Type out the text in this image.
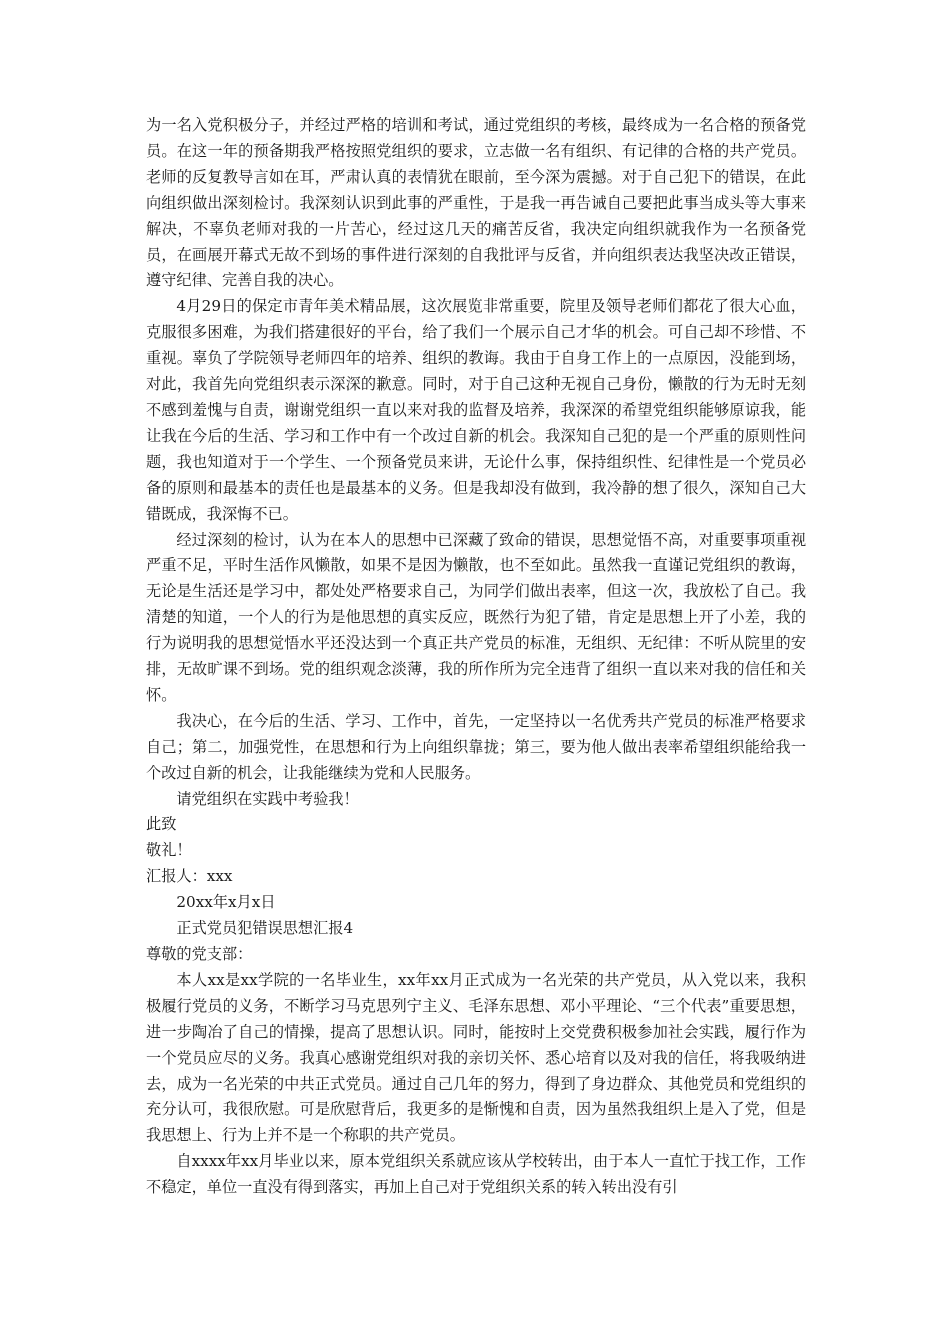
为一名入党积极分子，并经过严格的培训和考试，通过党组织的考核，最终成为一名合格的预备党员。在这一年的预备期我严格按照党组织的要求，立志做一名有组织、有记律的合格的共产党员。老师的反复教导言如在耳，严肃认真的表情犹在眼前，至今深为震撼。对于自己犯下的错误，在此向组织做出深刻检讨。我深刻认识到此事的严重性，于是我一再告诫自己要把此事当成头等大事来解决，不辜负老师对我的一片苦心，经过这几天的痛苦反省，我决定向组织就我作为一名预备党员，在画展开幕式无故不到场的事件进行深刻的自我批评与反省，并向组织表达我坚决改正错误，遵守纪律、完善自我的决心。

4月29日的保定市青年美术精品展，这次展览非常重要，院里及领导老师们都花了很大心血，克服很多困难，为我们搭建很好的平台，给了我们一个展示自己才华的机会。可自己却不珍惜、不重视。辜负了学院领导老师四年的培养、组织的教诲。我由于自身工作上的一点原因，没能到场，对此，我首先向党组织表示深深的歉意。同时，对于自己这种无视自己身份，懒散的行为无时无刻不感到羞愧与自责，谢谢党组织一直以来对我的监督及培养，我深深的希望党组织能够原谅我，能让我在今后的生活、学习和工作中有一个改过自新的机会。我深知自己犯的是一个严重的原则性问题，我也知道对于一个学生、一个预备党员来讲，无论什么事，保持组织性、纪律性是一个党员必备的原则和最基本的责任也是最基本的义务。但是我却没有做到，我冷静的想了很久，深知自己大错既成，我深悔不已。

经过深刻的检讨，认为在本人的思想中已深藏了致命的错误，思想觉悟不高，对重要事项重视严重不足，平时生活作风懒散，如果不是因为懒散，也不至如此。虽然我一直谨记党组织的教诲，无论是生活还是学习中，都处处严格要求自己，为同学们做出表率，但这一次，我放松了自己。我清楚的知道，一个人的行为是他思想的真实反应，既然行为犯了错，肯定是思想上开了小差，我的行为说明我的思想觉悟水平还没达到一个真正共产党员的标准，无组织、无纪律：不听从院里的安排，无故旷课不到场。党的组织观念淡薄，我的所作所为完全违背了组织一直以来对我的信任和关怀。

我决心，在今后的生活、学习、工作中，首先，一定坚持以一名优秀共产党员的标准严格要求自己；第二，加强党性，在思想和行为上向组织靠拢；第三，要为他人做出表率希望组织能给我一个改过自新的机会，让我能继续为党和人民服务。

请党组织在实践中考验我！

此致

敬礼！

汇报人：xxx

20xx年x月x日

正式党员犯错误思想汇报4

尊敬的党支部：

本人xx是xx学院的一名毕业生，xx年xx月正式成为一名光荣的共产党员，从入党以来，我积极履行党员的义务，不断学习马克思列宁主义、毛泽东思想、邓小平理论、“三个代表”重要思想，进一步陶冶了自己的情操，提高了思想认识。同时，能按时上交党费积极参加社会实践，履行作为一个党员应尽的义务。我真心感谢党组织对我的亲切关怀、悉心培育以及对我的信任，将我吸纳进去，成为一名光荣的中共正式党员。通过自己几年的努力，得到了身边群众、其他党员和党组织的充分认可，我很欣慰。可是欣慰背后，我更多的是惭愧和自责，因为虽然我组织上是入了党，但是我思想上、行为上并不是一个称职的共产党员。

自xxxx年xx月毕业以来，原本党组织关系就应该从学校转出，由于本人一直忙于找工作，工作不稳定，单位一直没有得到落实，再加上自己对于党组织关系的转入转出没有引
